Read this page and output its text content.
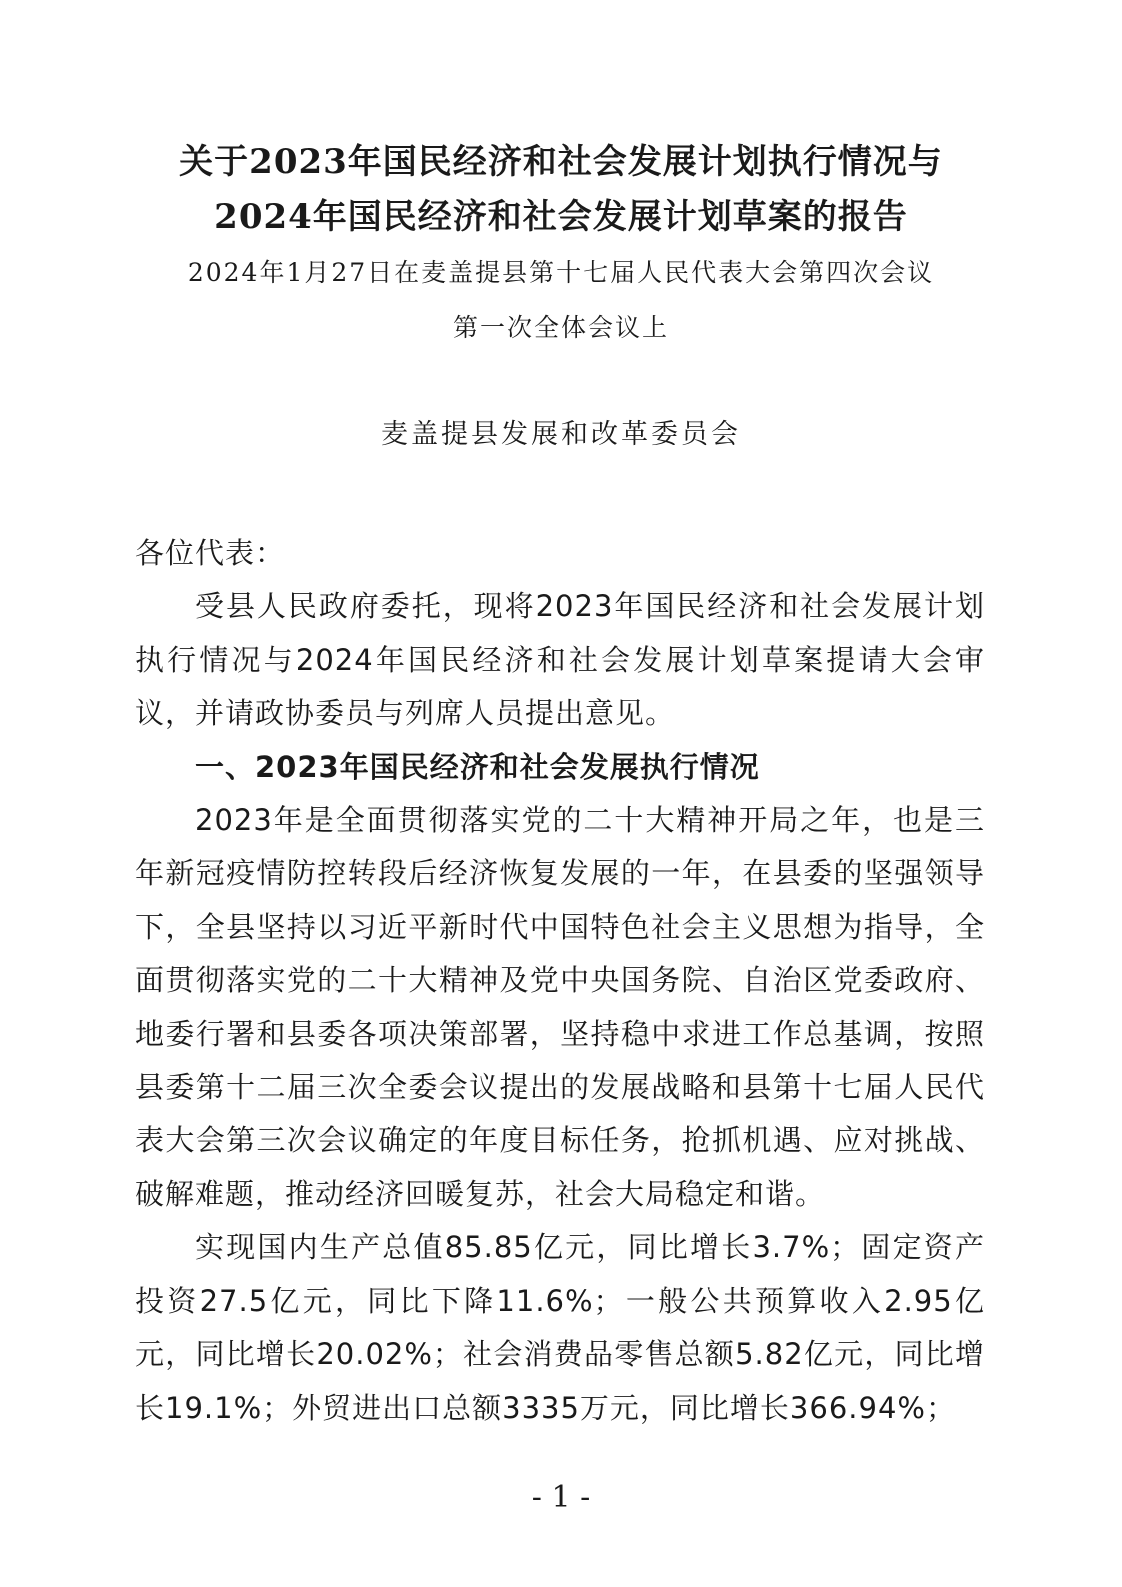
关于2023年国民经济和社会发展计划执行情况与
2024年国民经济和社会发展计划草案的报告
2024年1月27日在麦盖提县第十七届人民代表大会第四次会议
第一次全体会议上
麦盖提县发展和改革委员会

各位代表：

受县人民政府委托，现将2023年国民经济和社会发展计划执行情况与2024年国民经济和社会发展计划草案提请大会审议，并请政协委员与列席人员提出意见。

一、2023年国民经济和社会发展执行情况

2023年是全面贯彻落实党的二十大精神开局之年，也是三年新冠疫情防控转段后经济恢复发展的一年，在县委的坚强领导下，全县坚持以习近平新时代中国特色社会主义思想为指导，全面贯彻落实党的二十大精神及党中央国务院、自治区党委政府、地委行署和县委各项决策部署，坚持稳中求进工作总基调，按照县委第十二届三次全委会议提出的发展战略和县第十七届人民代表大会第三次会议确定的年度目标任务，抢抓机遇、应对挑战、破解难题，推动经济回暖复苏，社会大局稳定和谐。

实现国内生产总值85.85亿元，同比增长3.7%；固定资产投资27.5亿元，同比下降11.6%；一般公共预算收入2.95亿元，同比增长20.02%；社会消费品零售总额5.82亿元，同比增长19.1%；外贸进出口总额3335万元，同比增长366.94%；

- 1 -
